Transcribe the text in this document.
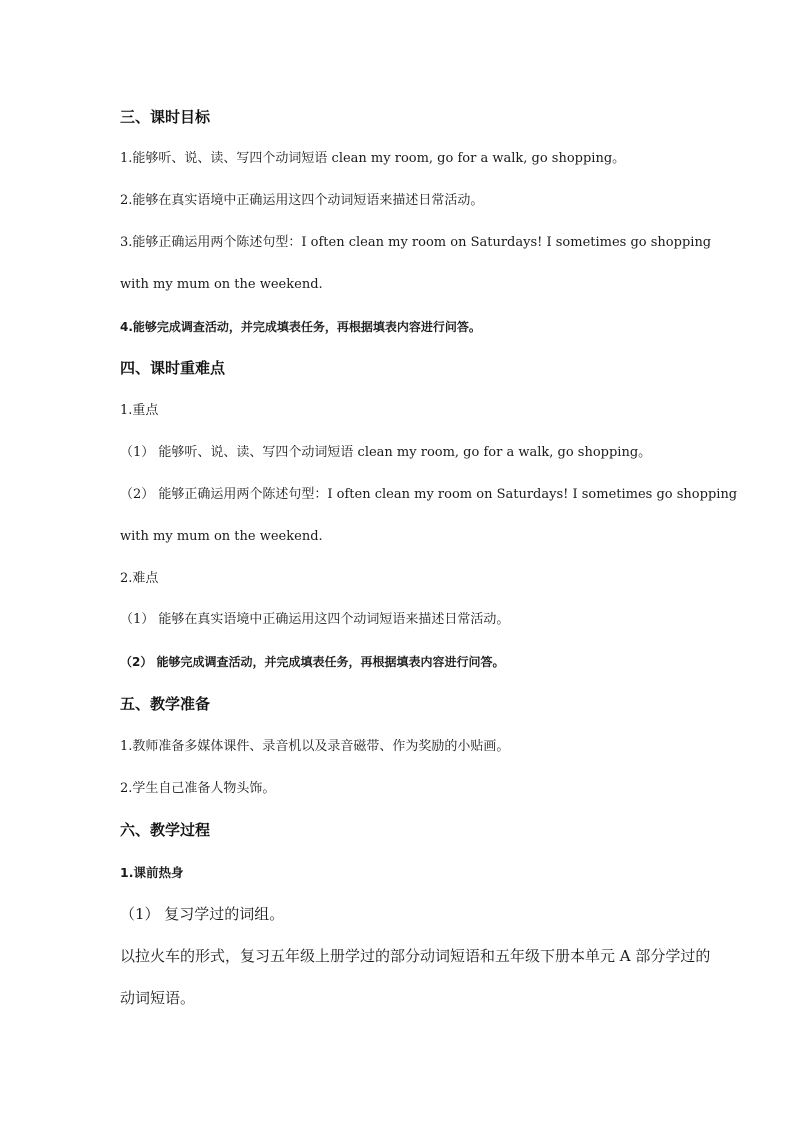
三、课时目标
1.能够听、说、读、写四个动词短语 clean my room, go for a walk, go shopping。
2.能够在真实语境中正确运用这四个动词短语来描述日常活动。
3.能够正确运用两个陈述句型：I often clean my room on Saturdays! I sometimes go shopping
with my mum on the weekend.
4.能够完成调查活动，并完成填表任务，再根据填表内容进行问答。
四、课时重难点
1.重点
（1） 能够听、说、读、写四个动词短语 clean my room, go for a walk, go shopping。
（2） 能够正确运用两个陈述句型：I often clean my room on Saturdays! I sometimes go shopping
with my mum on the weekend.
2.难点
（1） 能够在真实语境中正确运用这四个动词短语来描述日常活动。
（2） 能够完成调查活动，并完成填表任务，再根据填表内容进行问答。
五、教学准备
1.教师准备多媒体课件、录音机以及录音磁带、作为奖励的小贴画。
2.学生自己准备人物头饰。
六、教学过程
1.课前热身
（1） 复习学过的词组。
以拉火车的形式，复习五年级上册学过的部分动词短语和五年级下册本单元 A 部分学过的
动词短语。
